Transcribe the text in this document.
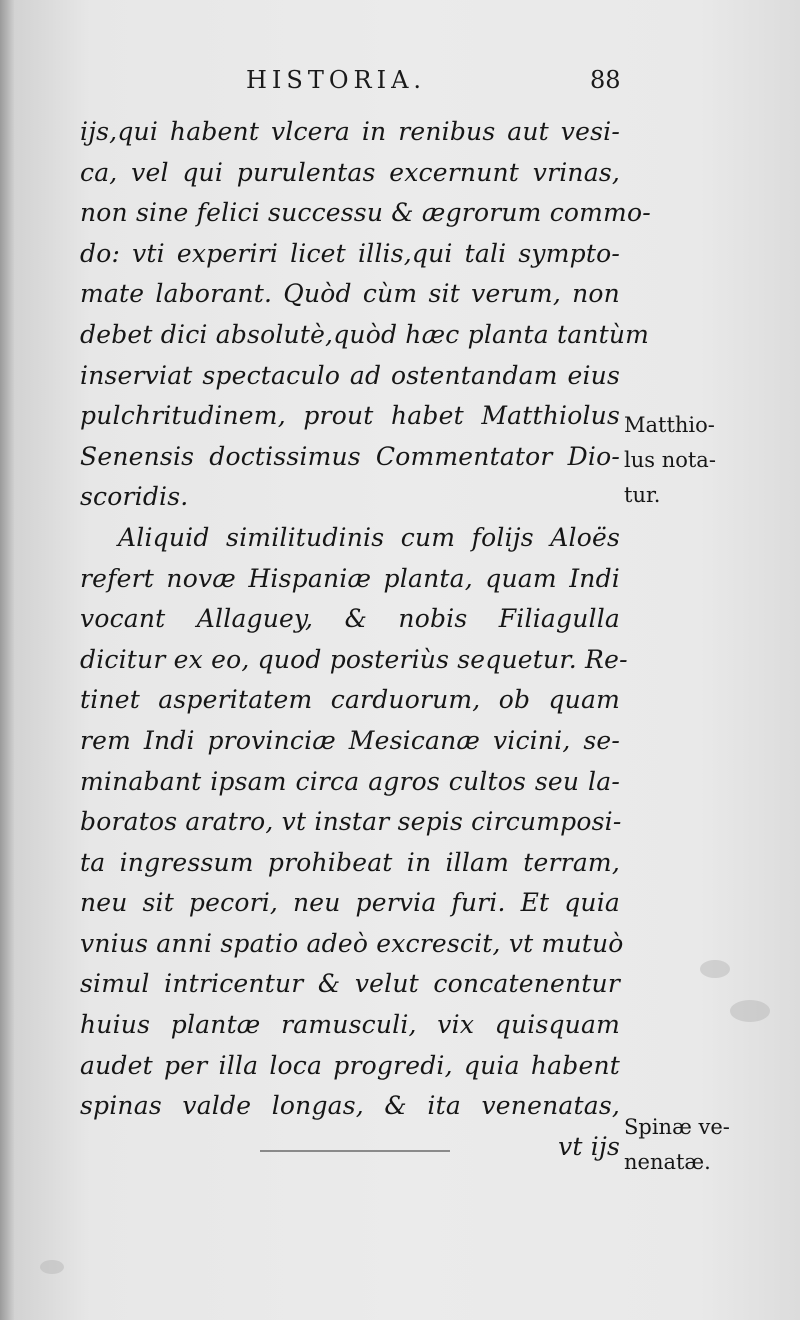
HISTORIA.	88
ijs,qui habent vlcera in renibus aut vesi-
ca, vel qui purulentas excernunt vrinas,
non sine felici successu & ægrorum commo-
do: vti experiri licet illis,qui tali sympto-
mate laborant. Quòd cùm sit verum, non
debet dici absolutè,quòd hæc planta tantùm
inserviat spectaculo ad ostentandam eius
pulchritudinem, prout habet Matthiolus
Senensis doctissimus Commentator Dio-
scoridis.
Aliquid similitudinis cum folijs Aloës
refert novæ Hispaniæ planta, quam Indi
vocant Allaguey, & nobis Filiagulla
dicitur ex eo, quod posteriùs sequetur. Re-
tinet asperitatem carduorum, ob quam
rem Indi provinciæ Mesicanæ vicini, se-
minabant ipsam circa agros cultos seu la-
boratos aratro, vt instar sepis circumposi-
ta ingressum prohibeat in illam terram,
neu sit pecori, neu pervia furi. Et quia
vnius anni spatio adeò excrescit, vt mutuò
simul intricentur & velut concatenentur
huius plantæ ramusculi, vix quisquam
audet per illa loca progredi, quia habent
spinas valde longas, & ita venenatas,
vt ijs
Matthio-
lus nota-
tur.
Spinæ ve-
nenatæ.
